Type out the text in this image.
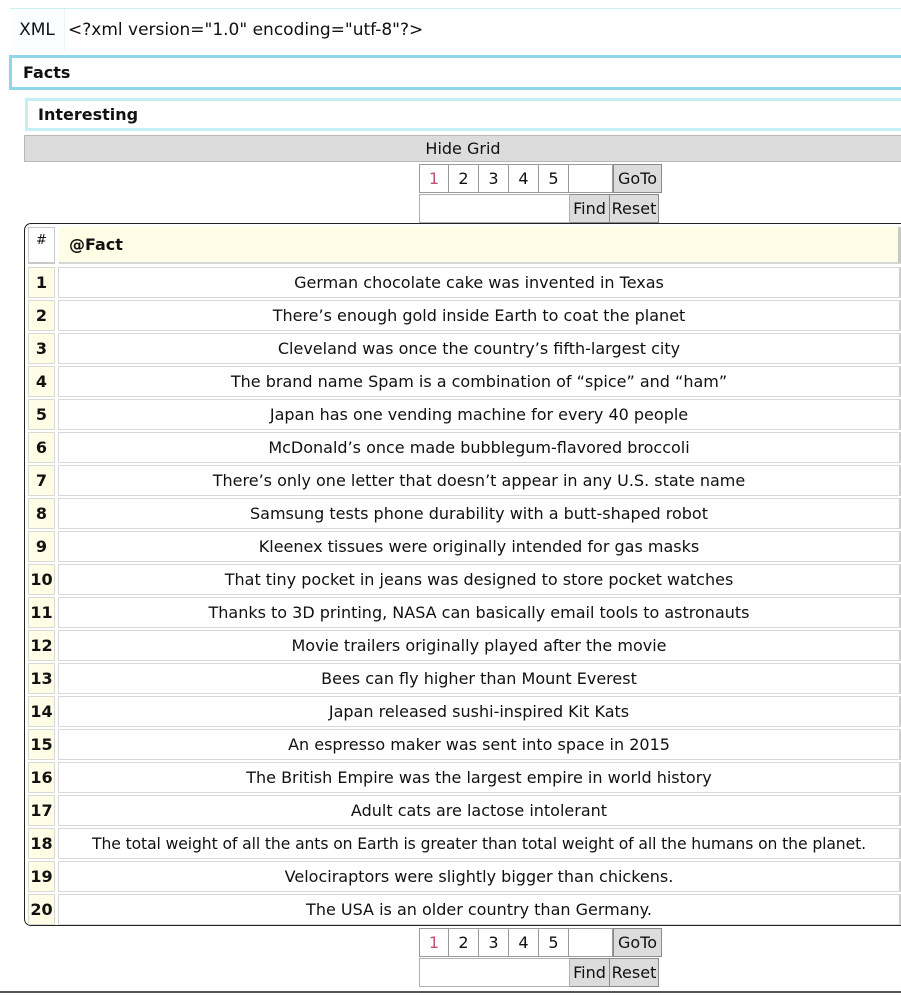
XML <?xml version="1.0" encoding="utf-8"?>
Facts
Interesting
Hide Grid
1	2	3	4	5	GoTo
Find Reset
#	@Fact
1	German chocolate cake was invented in Texas
2	There’s enough gold inside Earth to coat the planet
3	Cleveland was once the country’s fifth-largest city
4	The brand name Spam is a combination of “spice” and “ham”
5	Japan has one vending machine for every 40 people
6	McDonald’s once made bubblegum-flavored broccoli
7	There’s only one letter that doesn’t appear in any U.S. state name
8	Samsung tests phone durability with a butt-shaped robot
9	Kleenex tissues were originally intended for gas masks
10	That tiny pocket in jeans was designed to store pocket watches
11	Thanks to 3D printing, NASA can basically email tools to astronauts
12	Movie trailers originally played after the movie
13	Bees can fly higher than Mount Everest
14	Japan released sushi-inspired Kit Kats
15	An espresso maker was sent into space in 2015
16	The British Empire was the largest empire in world history
17	Adult cats are lactose intolerant
18	The total weight of all the ants on Earth is greater than total weight of all the humans on the planet.
19	Velociraptors were slightly bigger than chickens.
20	The USA is an older country than Germany.
1	2	3	4	5	GoTo
Find Reset
